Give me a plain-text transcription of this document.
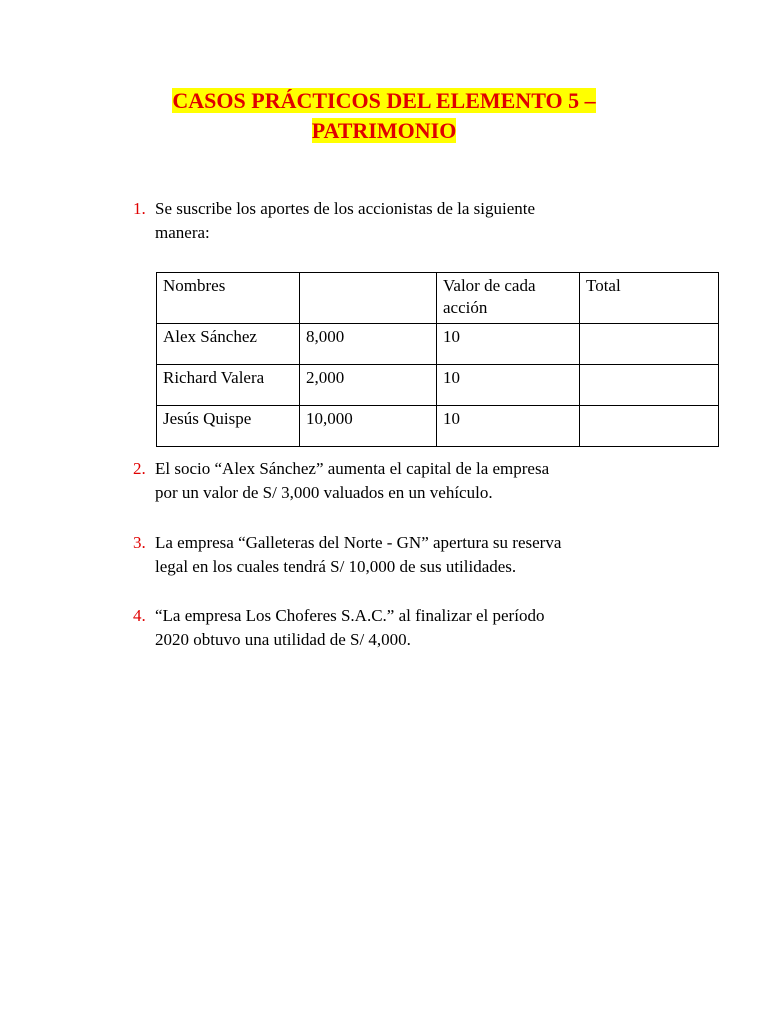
CASOS PRÁCTICOS DEL ELEMENTO 5 –
PATRIMONIO
1. Se suscribe los aportes de los accionistas de la siguiente
manera:
Nombres		Valor de cada acción	Total
Alex Sánchez	8,000	10	
Richard Valera	2,000	10	
Jesús Quispe	10,000	10	
2. El socio “Alex Sánchez” aumenta el capital de la empresa
por un valor de S/ 3,000 valuados en un vehículo.
3. La empresa “Galleteras del Norte - GN” apertura su reserva
legal en los cuales tendrá S/ 10,000 de sus utilidades.
4. “La empresa Los Choferes S.A.C.” al finalizar el período
2020 obtuvo una utilidad de S/ 4,000.
